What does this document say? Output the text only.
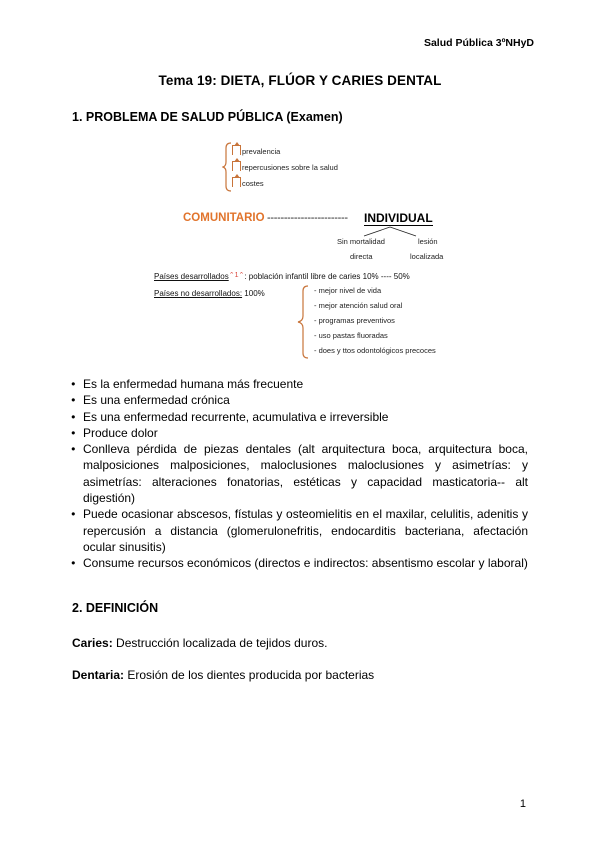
Salud Pública 3ºNHyD
Tema 19: DIETA, FLÚOR Y CARIES DENTAL
1. PROBLEMA DE SALUD PÚBLICA (Examen)
prevalencia
repercusiones sobre la salud
costes
COMUNITARIO ------------------------ INDIVIDUAL
Sin mortalidad
directa
lesión
localizada
Países desarrollados⌃1⌃: población infantil libre de caries 10% ---- 50%
Países no desarrollados: 100%	- mejor nivel de vida
- mejor atención salud oral
- programas preventivos
- uso pastas fluoradas
- does y ttos odontológicos precoces
● Es la enfermedad humana más frecuente
● Es una enfermedad crónica
● Es una enfermedad recurrente, acumulativa e irreversible
● Produce dolor
● Conlleva pérdida de piezas dentales (alt arquitectura boca, arquitectura boca, malposiciones malposiciones, maloclusiones maloclusiones y asimetrías: y asimetrías: alteraciones fonatorias, estéticas y capacidad masticatoria-- alt digestión)
● Puede ocasionar abscesos, fístulas y osteomielitis en el maxilar, celulitis, adenitis y repercusión a distancia (glomerulonefritis, endocarditis bacteriana, afectación ocular sinusitis)
● Consume recursos económicos (directos e indirectos: absentismo escolar y laboral)
2. DEFINICIÓN
Caries: Destrucción localizada de tejidos duros.
Dentaria: Erosión de los dientes producida por bacterias
1
